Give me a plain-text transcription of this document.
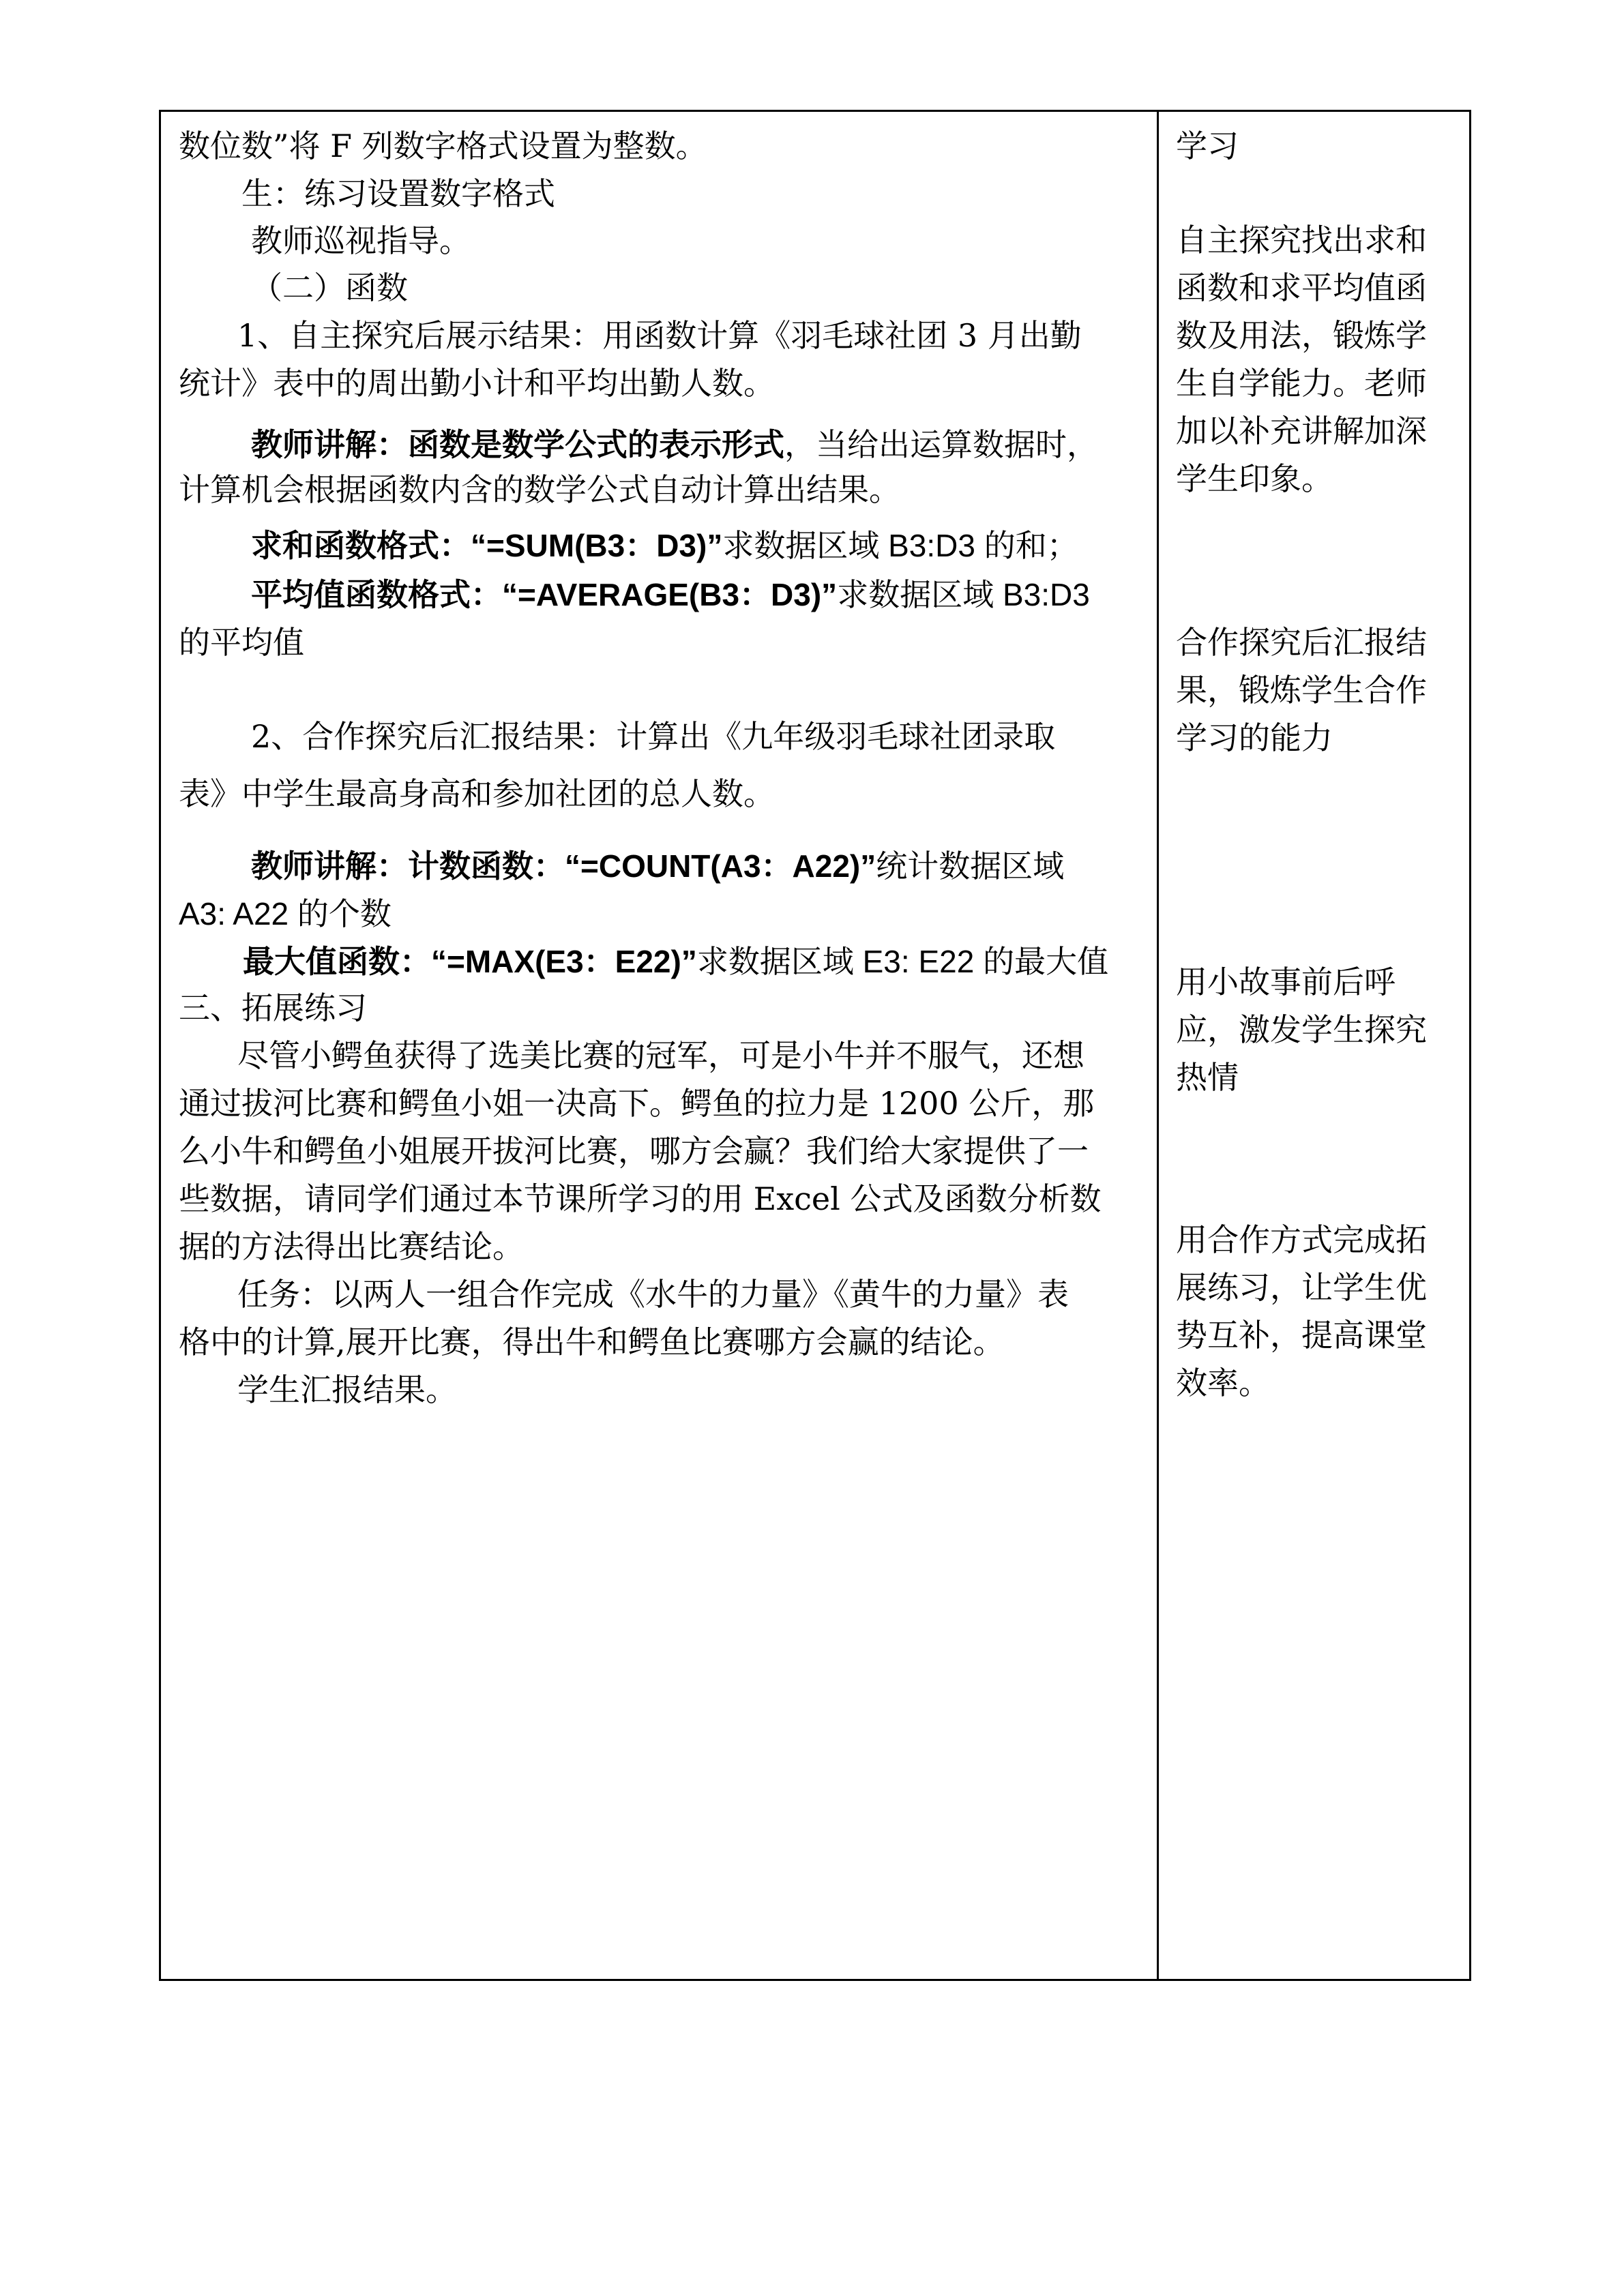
数位数”将 F 列数字格式设置为整数。
生：练习设置数字格式
教师巡视指导。
（二）函数
1、自主探究后展示结果：用函数计算《羽毛球社团 3 月出勤
统计》表中的周出勤小计和平均出勤人数。
教师讲解：函数是数学公式的表示形式，当给出运算数据时，
计算机会根据函数内含的数学公式自动计算出结果。
求和函数格式：“=SUM(B3：D3)”求数据区域 B3:D3 的和；
平均值函数格式：“=AVERAGE(B3：D3)”求数据区域 B3:D3
的平均值
2、合作探究后汇报结果：计算出《九年级羽毛球社团录取
表》中学生最高身高和参加社团的总人数。
教师讲解：计数函数：“=COUNT(A3：A22)”统计数据区域
A3: A22 的个数
最大值函数：“=MAX(E3：E22)”求数据区域 E3: E22 的最大值
三、拓展练习
尽管小鳄鱼获得了选美比赛的冠军，可是小牛并不服气，还想
通过拔河比赛和鳄鱼小姐一决高下。鳄鱼的拉力是 1200 公斤，那
么小牛和鳄鱼小姐展开拔河比赛，哪方会赢？我们给大家提供了一
些数据，请同学们通过本节课所学习的用 Excel 公式及函数分析数
据的方法得出比赛结论。
任务：以两人一组合作完成《水牛的力量》《黄牛的力量》表
格中的计算,展开比赛，得出牛和鳄鱼比赛哪方会赢的结论。
学生汇报结果。
学习
自主探究找出求和
函数和求平均值函
数及用法，锻炼学
生自学能力。老师
加以补充讲解加深
学生印象。
合作探究后汇报结
果，锻炼学生合作
学习的能力
用小故事前后呼
应，激发学生探究
热情
用合作方式完成拓
展练习，让学生优
势互补，提高课堂
效率。
